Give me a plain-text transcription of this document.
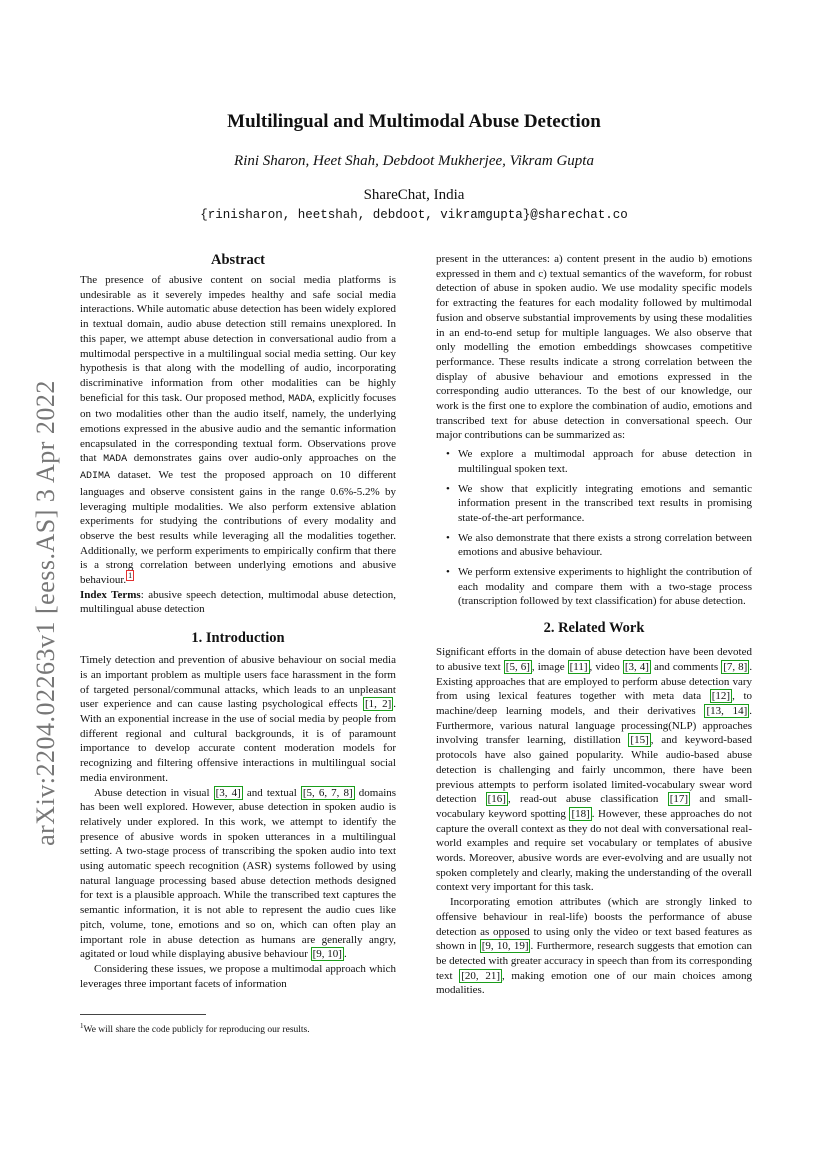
arXiv:2204.02263v1 [eess.AS] 3 Apr 2022
Multilingual and Multimodal Abuse Detection
Rini Sharon, Heet Shah, Debdoot Mukherjee, Vikram Gupta
ShareChat, India
{rinisharon, heetshah, debdoot, vikramgupta}@sharechat.co
Abstract

The presence of abusive content on social media platforms is undesirable as it severely impedes healthy and safe social media interactions. While automatic abuse detection has been widely explored in textual domain, audio abuse detection still remains unexplored. In this paper, we attempt abuse detection in conversational audio from a multimodal perspective in a multilingual social media setting. Our key hypothesis is that along with the modelling of audio, incorporating discriminative information from other modalities can be highly beneficial for this task. Our proposed method, MADA, explicitly focuses on two modalities other than the audio itself, namely, the underlying emotions expressed in the abusive audio and the semantic information encapsulated in the corresponding textual form. Observations prove that MADA demonstrates gains over audio-only approaches on the ADIMA dataset. We test the proposed approach on 10 different languages and observe consistent gains in the range 0.6%-5.2% by leveraging multiple modalities. We also perform extensive ablation experiments for studying the contributions of every modality and observe the best results while leveraging all the modalities together. Additionally, we perform experiments to empirically confirm that there is a strong correlation between underlying emotions and abusive behaviour. $^1$

Index Terms: abusive speech detection, multimodal abuse detection, multilingual abuse detection

1. Introduction

Timely detection and prevention of abusive behaviour on social media is an important problem as multiple users face harassment in the form of targeted personal/communal attacks, which leads to an unpleasant user experience and can cause lasting psychological effects [1, 2] . With an exponential increase in the use of social media by people from different regional and cultural backgrounds, it is of paramount importance to develop accurate content moderation models for recognizing and filtering offensive interactions in multilingual social media environment.

Abuse detection in visual [3, 4] and textual [5, 6, 7, 8] domains has been well explored. However, abuse detection in spoken audio is relatively under explored. In this work, we attempt to identify the presence of abusive words in spoken utterances in a multilingual setting. A two-stage process of transcribing the spoken audio into text using automatic speech recognition (ASR) systems followed by using natural language processing based abuse detection methods designed for text is a plausible approach. While the transcribed text captures the semantic information, it is not able to represent the audio cues like pitch, volume, tone, emotions and so on, which can often play an important role in abuse detection as humans are generally angry, agitated or loud while displaying abusive behaviour [9, 10] .

Considering these issues, we propose a multimodal approach which leverages three important facets of information

$^1$We will share the code publicly for reproducing our results.

present in the utterances: a) content present in the audio b) emotions expressed in them and c) textual semantics of the waveform, for robust detection of abuse in spoken audio. We use modality specific models for extracting the features for each modality followed by multimodal fusion and observe substantial improvements by using these modalities in an end-to-end setup for multiple languages. We also observe that only modelling the emotion embeddings showcases competitive performance. These results indicate a strong correlation between the display of abusive behaviour and emotions expressed in the corresponding audio utterances. To the best of our knowledge, our work is the first one to explore the combination of audio, emotions and transcribed text for abuse detection in conversational speech. Our major contributions can be summarized as:

• We explore a multimodal approach for abuse detection in multilingual spoken text.
• We show that explicitly integrating emotions and semantic information present in the transcribed text results in promising state-of-the-art performance.
• We also demonstrate that there exists a strong correlation between emotions and abusive behaviour.
• We perform extensive experiments to highlight the contribution of each modality and compare them with a two-stage process (transcription followed by text classification) for abuse detection.
2. Related Work

Significant efforts in the domain of abuse detection have been devoted to abusive text [5, 6] , image [11] , video [3, 4] and comments [7, 8] . Existing approaches that are employed to perform abuse detection vary from using lexical features together with meta data [12] , to machine/deep learning models, and their derivatives [13, 14] . Furthermore, various natural language processing(NLP) approaches involving transfer learning, distillation [15] , and keyword-based protocols have also gained popularity. While audio-based abuse detection is challenging and fairly uncommon, there have been previous attempts to perform isolated limited-vocabulary swear word detection [16] , read-out abuse classification [17] and small-vocabulary keyword spotting [18] . However, these approaches do not capture the overall context as they do not deal with conversational real-world examples and require set vocabulary or templates of abusive words. Moreover, abusive words are ever-evolving and are usually not spoken completely and clearly, making the understanding of the overall context very important for this task.

Incorporating emotion attributes (which are strongly linked to offensive behaviour in real-life) boosts the performance of abuse detection as opposed to using only the video or text based features as shown in [9, 10, 19] . Furthermore, research suggests that emotion can be detected with greater accuracy in speech than from its corresponding text [20, 21] , making emotion one of our main choices among modalities.
